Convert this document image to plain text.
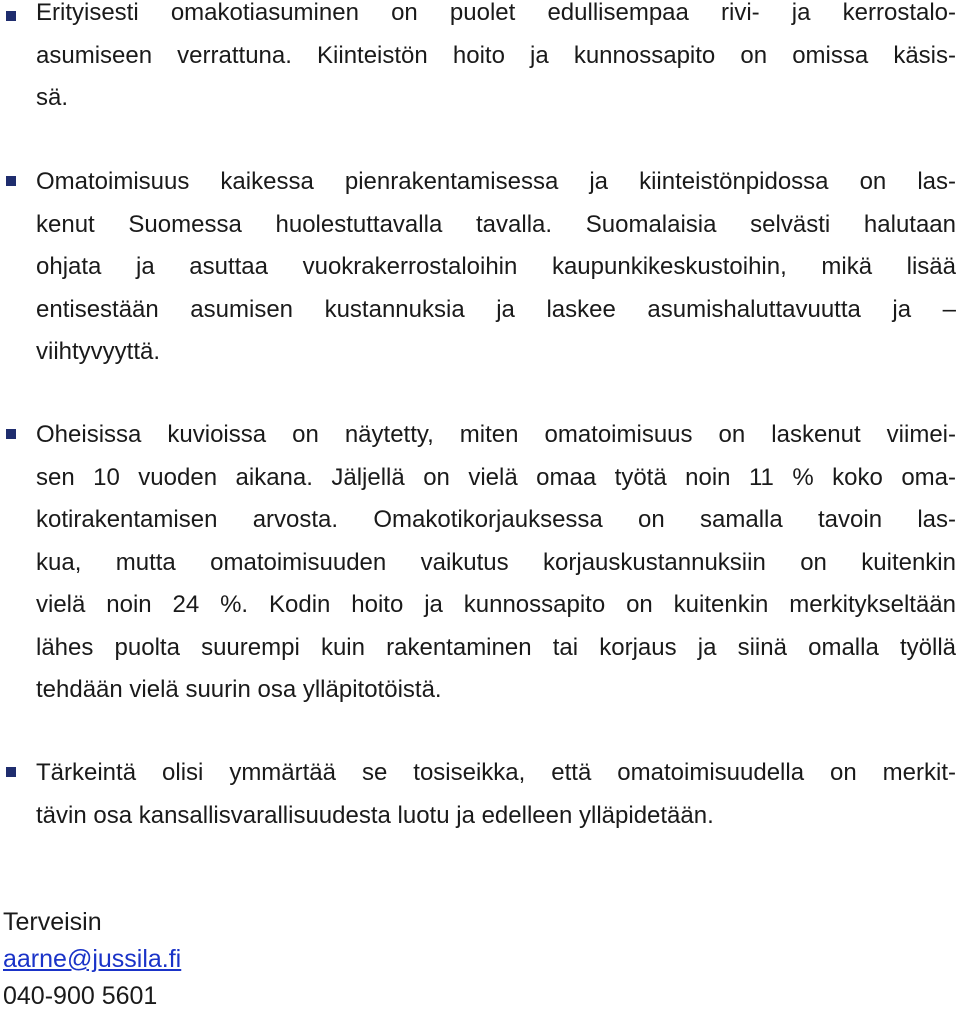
Erityisesti omakotiasuminen on puolet edullisempaa rivi- ja kerrostalo-
asumiseen verrattuna. Kiinteistön hoito ja kunnossapito on omissa käsis-
sä.

Omatoimisuus kaikessa pienrakentamisessa ja kiinteistönpidossa on las-
kenut Suomessa huolestuttavalla tavalla. Suomalaisia selvästi halutaan
ohjata ja asuttaa vuokrakerrostaloihin kaupunkikeskustoihin, mikä lisää
entisestään asumisen kustannuksia ja laskee asumishaluttavuutta ja –
viihtyvyyttä.

Oheisissa kuvioissa on näytetty, miten omatoimisuus on laskenut viimei-
sen 10 vuoden aikana. Jäljellä on vielä omaa työtä noin 11 % koko oma-
kotirakentamisen arvosta. Omakotikorjauksessa on samalla tavoin las-
kua, mutta omatoimisuuden vaikutus korjauskustannuksiin on kuitenkin
vielä noin 24 %. Kodin hoito ja kunnossapito on kuitenkin merkitykseltään
lähes puolta suurempi kuin rakentaminen tai korjaus ja siinä omalla työllä
tehdään vielä suurin osa ylläpitotöistä.

Tärkeintä olisi ymmärtää se tosiseikka, että omatoimisuudella on merkit-
tävin osa kansallisvarallisuudesta luotu ja edelleen ylläpidetään.

Terveisin
aarne@jussila.fi
040-900 5601
